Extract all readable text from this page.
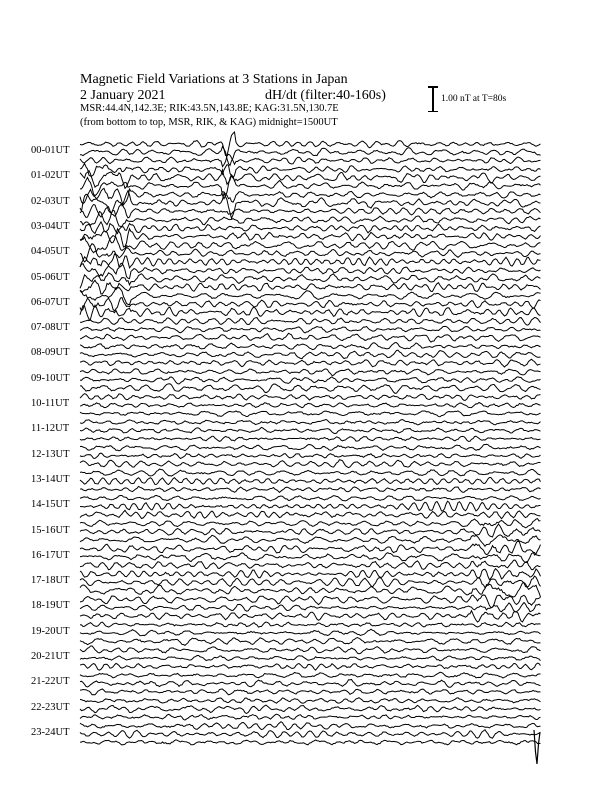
Magnetic Field Variations at 3 Stations in Japan
2 January 2021	dH/dt (filter:40-160s)
MSR:44.4N,142.3E; RIK:43.5N,143.8E; KAG:31.5N,130.7E
(from bottom to top, MSR, RIK, & KAG) midnight=1500UT
1.00 nT at T=80s
00-01UT
01-02UT
02-03UT
03-04UT
04-05UT
05-06UT
06-07UT
07-08UT
08-09UT
09-10UT
10-11UT
11-12UT
12-13UT
13-14UT
14-15UT
15-16UT
16-17UT
17-18UT
18-19UT
19-20UT
20-21UT
21-22UT
22-23UT
23-24UT
